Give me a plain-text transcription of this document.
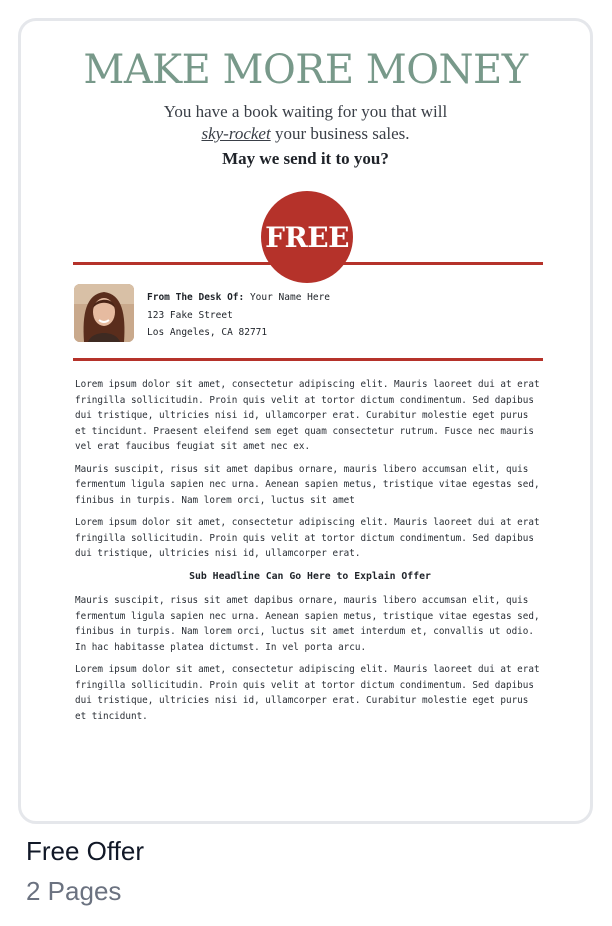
MAKE MORE MONEY
You have a book waiting for you that will
sky-rocket your business sales.
May we send it to you?
FREE
From The Desk Of: Your Name Here
123 Fake Street
Los Angeles, CA 82771

Lorem ipsum dolor sit amet, consectetur adipiscing elit. Mauris laoreet dui at erat fringilla sollicitudin. Proin quis velit at tortor dictum condimentum. Sed dapibus dui tristique, ultricies nisi id, ullamcorper erat. Curabitur molestie eget purus et tincidunt. Praesent eleifend sem eget quam consectetur rutrum. Fusce nec mauris vel erat faucibus feugiat sit amet nec ex.

Mauris suscipit, risus sit amet dapibus ornare, mauris libero accumsan elit, quis fermentum ligula sapien nec urna. Aenean sapien metus, tristique vitae egestas sed, finibus in turpis. Nam lorem orci, luctus sit amet

Lorem ipsum dolor sit amet, consectetur adipiscing elit. Mauris laoreet dui at erat fringilla sollicitudin. Proin quis velit at tortor dictum condimentum. Sed dapibus dui tristique, ultricies nisi id, ullamcorper erat.

Sub Headline Can Go Here to Explain Offer

Mauris suscipit, risus sit amet dapibus ornare, mauris libero accumsan elit, quis fermentum ligula sapien nec urna. Aenean sapien metus, tristique vitae egestas sed, finibus in turpis. Nam lorem orci, luctus sit amet interdum et, convallis ut odio. In hac habitasse platea dictumst. In vel porta arcu.

Lorem ipsum dolor sit amet, consectetur adipiscing elit. Mauris laoreet dui at erat fringilla sollicitudin. Proin quis velit at tortor dictum condimentum. Sed dapibus dui tristique, ultricies nisi id, ullamcorper erat. Curabitur molestie eget purus et tincidunt.

Free Offer
2 Pages
